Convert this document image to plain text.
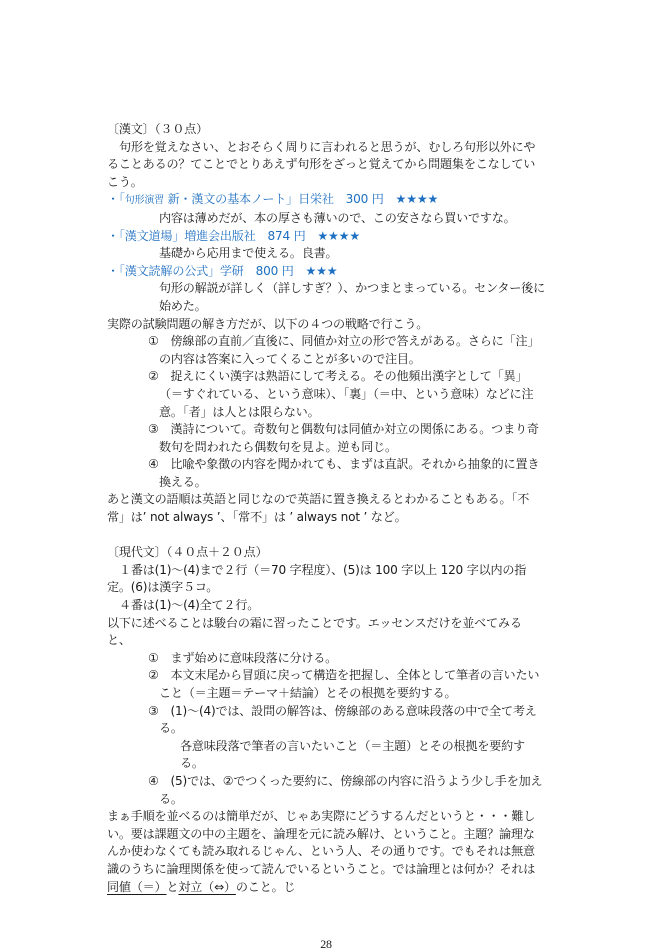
〔漢文〕（３０点）

句形を覚えなさい、とおそらく周りに言われると思うが、むしろ句形以外にやることあるの？てことでとりあえず句形をざっと覚えてから問題集をこなしていこう。

・「句形演習 新・漢文の基本ノート」日栄社　300 円　★★★★

内容は薄めだが、本の厚さも薄いので、この安さなら買いですな。

・「漢文道場」増進会出版社　874 円　★★★★

基礎から応用まで使える。良書。

・「漢文読解の公式」学研　800 円　★★★

句形の解説が詳しく（詳しすぎ？）、かつまとまっている。センター後に始めた。

実際の試験問題の解き方だが、以下の４つの戦略で行こう。

①　傍線部の直前／直後に、同値か対立の形で答えがある。さらに「注」の内容は答案に入ってくることが多いので注目。

②　捉えにくい漢字は熟語にして考える。その他頻出漢字として「異」（＝すぐれている、という意味）、「裏」（＝中、という意味）などに注意。「者」は人とは限らない。

③　漢詩について。奇数句と偶数句は同値か対立の関係にある。つまり奇数句を問われたら偶数句を見よ。逆も同じ。

④　比喩や象徴の内容を聞かれても、まずは直訳。それから抽象的に置き換える。

あと漢文の語順は英語と同じなので英語に置き換えるとわかることもある。「不常」は’ not always ’、「常不」は ’ always not ’ など。

〔現代文〕（４０点＋２０点）

１番は(1)〜(4)まで２行（＝70 字程度）、(5)は 100 字以上 120 字以内の指定。(6)は漢字５コ。

４番は(1)〜(4)全て２行。

以下に述べることは駿台の霜に習ったことです。エッセンスだけを並べてみると、

①　まず始めに意味段落に分ける。

②　本文末尾から冒頭に戻って構造を把握し、全体として筆者の言いたいこと（＝主題＝テーマ＋結論）とその根拠を要約する。

③　(1)〜(4)では、設問の解答は、傍線部のある意味段落の中で全て考える。

各意味段落で筆者の言いたいこと（＝主題）とその根拠を要約する。

④　(5)では、②でつくった要約に、傍線部の内容に沿うよう少し手を加える。

まぁ手順を並べるのは簡単だが、じゃあ実際にどうするんだというと・・・難しい。要は課題文の中の主題を、論理を元に読み解け、ということ。主題？論理なんか使わなくても読み取れるじゃん、という人、その通りです。でもそれは無意識のうちに論理関係を使って読んでいるということ。では論理とは何か？それは同値（＝）と対立（⇔）のこと。じ

28
